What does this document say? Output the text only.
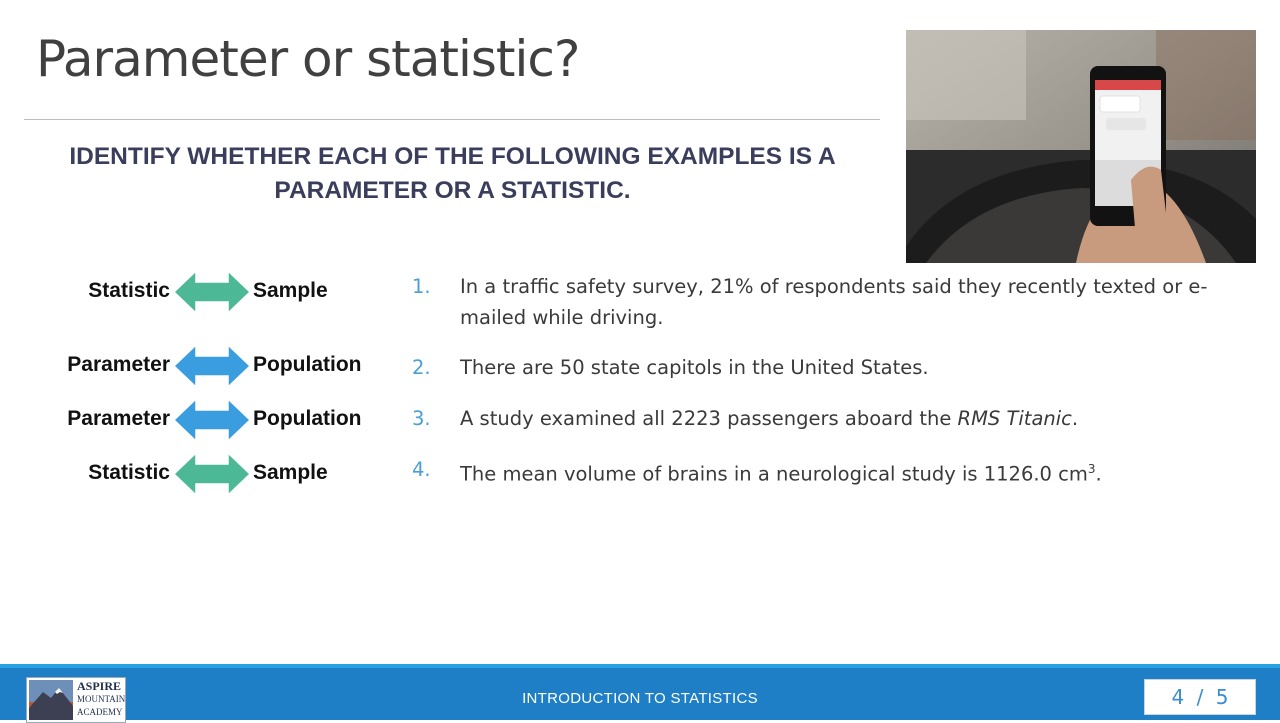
Parameter or statistic?
IDENTIFY WHETHER EACH OF THE FOLLOWING EXAMPLES IS A
PARAMETER OR A STATISTIC.
Statistic	Sample
Parameter	Population
Parameter	Population
Statistic	Sample
1. In a traffic safety survey, 21% of respondents said they recently texted or e-mailed while driving.
2. There are 50 state capitols in the United States.
3. A study examined all 2223 passengers aboard the RMS Titanic.
4. The mean volume of brains in a neurological study is 1126.0 $cm^3$.
ASPIRE
MOUNTAIN
ACADEMY
INTRODUCTION TO STATISTICS	4 / 5
